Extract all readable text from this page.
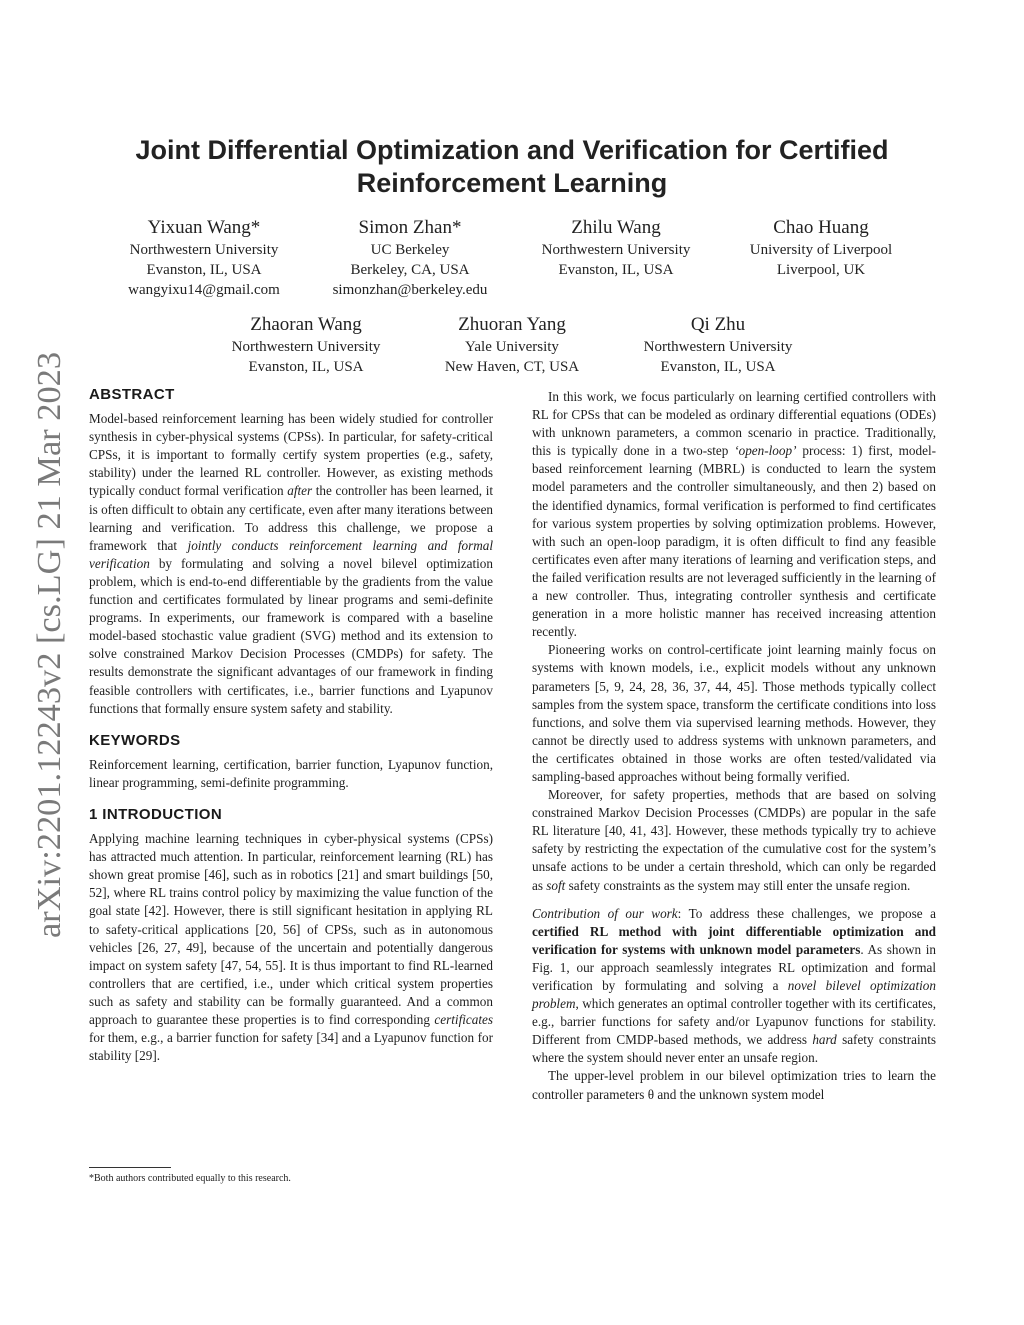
arXiv:2201.12243v2 [cs.LG] 21 Mar 2023
Joint Differential Optimization and Verification for Certified
Reinforcement Learning
Yixuan Wang*
Northwestern University
Evanston, IL, USA
wangyixu14@gmail.com
Simon Zhan*
UC Berkeley
Berkeley, CA, USA
simonzhan@berkeley.edu
Zhilu Wang
Northwestern University
Evanston, IL, USA
Chao Huang
University of Liverpool
Liverpool, UK
Zhaoran Wang
Northwestern University
Evanston, IL, USA
Zhuoran Yang
Yale University
New Haven, CT, USA
Qi Zhu
Northwestern University
Evanston, IL, USA
ABSTRACT

Model-based reinforcement learning has been widely studied for controller synthesis in cyber-physical systems (CPSs). In particular, for safety-critical CPSs, it is important to formally certify system properties (e.g., safety, stability) under the learned RL controller. However, as existing methods typically conduct formal verification after the controller has been learned, it is often difficult to obtain any certificate, even after many iterations between learning and verification. To address this challenge, we propose a framework that jointly conducts reinforcement learning and formal verification by formulating and solving a novel bilevel optimization problem, which is end-to-end differentiable by the gradients from the value function and certificates formulated by linear programs and semi-definite programs. In experiments, our framework is compared with a baseline model-based stochastic value gradient (SVG) method and its extension to solve constrained Markov Decision Processes (CMDPs) for safety. The results demonstrate the significant advantages of our framework in finding feasible controllers with certificates, i.e., barrier functions and Lyapunov functions that formally ensure system safety and stability.

KEYWORDS

Reinforcement learning, certification, barrier function, Lyapunov function, linear programming, semi-definite programming.

1 INTRODUCTION

Applying machine learning techniques in cyber-physical systems (CPSs) has attracted much attention. In particular, reinforcement learning (RL) has shown great promise [46], such as in robotics [21] and smart buildings [50, 52], where RL trains control policy by maximizing the value function of the goal state [42]. However, there is still significant hesitation in applying RL to safety-critical applications [20, 56] of CPSs, such as in autonomous vehicles [26, 27, 49], because of the uncertain and potentially dangerous impact on system safety [47, 54, 55]. It is thus important to find RL-learned controllers that are certified, i.e., under which critical system properties such as safety and stability can be formally guaranteed. And a common approach to guarantee these properties is to find corresponding certificates for them, e.g., a barrier function for safety [34] and a Lyapunov function for stability [29].

In this work, we focus particularly on learning certified controllers with RL for CPSs that can be modeled as ordinary differential equations (ODEs) with unknown parameters, a common scenario in practice. Traditionally, this is typically done in a two-step ‘open-loop’ process: 1) first, model-based reinforcement learning (MBRL) is conducted to learn the system model parameters and the controller simultaneously, and then 2) based on the identified dynamics, formal verification is performed to find certificates for various system properties by solving optimization problems. However, with such an open-loop paradigm, it is often difficult to find any feasible certificates even after many iterations of learning and verification steps, and the failed verification results are not leveraged sufficiently in the learning of a new controller. Thus, integrating controller synthesis and certificate generation in a more holistic manner has received increasing attention recently.

Pioneering works on control-certificate joint learning mainly focus on systems with known models, i.e., explicit models without any unknown parameters [5, 9, 24, 28, 36, 37, 44, 45]. Those methods typically collect samples from the system space, transform the certificate conditions into loss functions, and solve them via supervised learning methods. However, they cannot be directly used to address systems with unknown parameters, and the certificates obtained in those works are often tested/validated via sampling-based approaches without being formally verified.

Moreover, for safety properties, methods that are based on solving constrained Markov Decision Processes (CMDPs) are popular in the safe RL literature [40, 41, 43]. However, these methods typically try to achieve safety by restricting the expectation of the cumulative cost for the system’s unsafe actions to be under a certain threshold, which can only be regarded as soft safety constraints as the system may still enter the unsafe region.

Contribution of our work: To address these challenges, we propose a certified RL method with joint differentiable optimization and verification for systems with unknown model parameters. As shown in Fig. 1, our approach seamlessly integrates RL optimization and formal verification by formulating and solving a novel bilevel optimization problem, which generates an optimal controller together with its certificates, e.g., barrier functions for safety and/or Lyapunov functions for stability. Different from CMDP-based methods, we address hard safety constraints where the system should never enter an unsafe region.

The upper-level problem in our bilevel optimization tries to learn the controller parameters θ and the unknown system model

*Both authors contributed equally to this research.
